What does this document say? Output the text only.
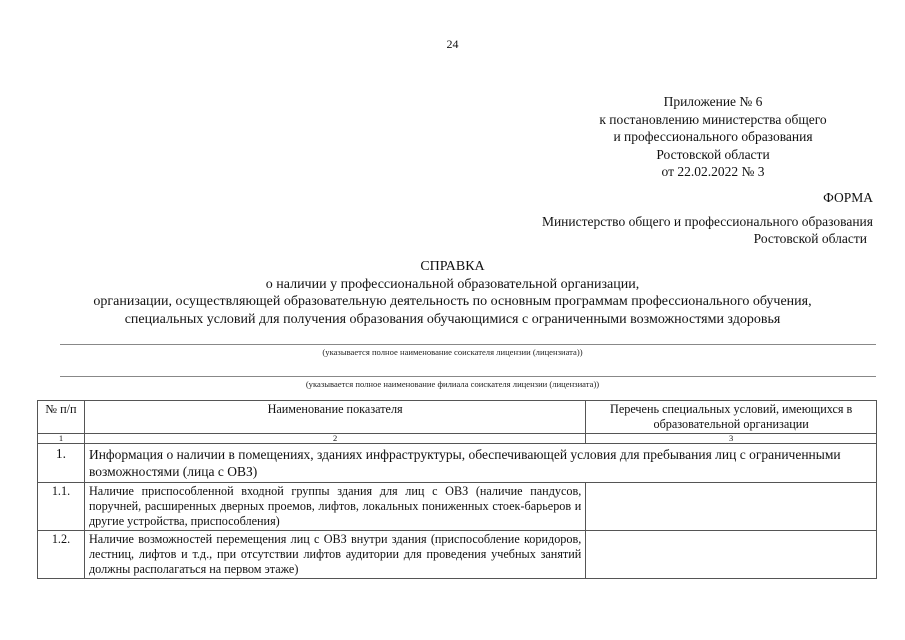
24
Приложение № 6
к постановлению министерства общего
и профессионального образования
Ростовской области
от 22.02.2022 № 3
ФОРМА
Министерство общего и профессионального образования
Ростовской области
СПРАВКА
о наличии у профессиональной образовательной организации,
организации, осуществляющей образовательную деятельность по основным программам профессионального обучения,
специальных условий для получения образования обучающимися с ограниченными возможностями здоровья
(указывается полное наименование соискателя лицензии (лицензиата))
(указывается полное наименование филиала соискателя лицензии (лицензиата))
№ п/п	Наименование показателя	Перечень специальных условий, имеющихся в образовательной организации
1	2	3
1.	Информация о наличии в помещениях, зданиях инфраструктуры, обеспечивающей условия для пребывания лиц с ограниченными возможностями (лица с ОВЗ)	
1.1.	Наличие приспособленной входной группы здания для лиц с ОВЗ (наличие пандусов, поручней, расширенных дверных проемов, лифтов, локальных пониженных стоек-барьеров и другие устройства, приспособления)	
1.2.	Наличие возможностей перемещения лиц с ОВЗ внутри здания (приспособление коридоров, лестниц, лифтов и т.д., при отсутствии лифтов аудитории для проведения учебных занятий должны располагаться на первом этаже)	
